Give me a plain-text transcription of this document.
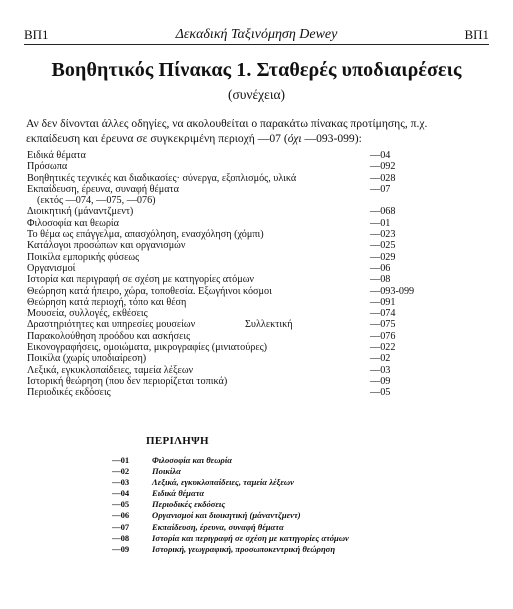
ΒΠ1	Δεκαδική Ταξινόμηση Dewey	ΒΠ1
Βοηθητικός Πίνακας 1. Σταθερές υποδιαιρέσεις
(συνέχεια)
Αν δεν δίνονται άλλες οδηγίες, να ακολουθείται ο παρακάτω πίνακας προτίμησης, π.χ.
εκπαίδευση και έρευνα σε συγκεκριμένη περιοχή —07 (όχι —093-099):
Ειδικά θέματα	—04
Πρόσωπα	—092
Βοηθητικές τεχνικές και διαδικασίες· σύνεργα, εξοπλισμός, υλικά	—028
Εκπαίδευση, έρευνα, συναφή θέματα	—07
(εκτός —074, —075, —076)
Διοικητική (μάναντζμεντ)	—068
Φιλοσοφία και θεωρία	—01
Το θέμα ως επάγγελμα, απασχόληση, ενασχόληση (χόμπι)	—023
Κατάλογοι προσώπων και οργανισμών	—025
Ποικίλα εμπορικής φύσεως	—029
Οργανισμοί	—06
Ιστορία και περιγραφή σε σχέση με κατηγορίες ατόμων	—08
Θεώρηση κατά ήπειρο, χώρα, τοποθεσία. Εξωγήινοι κόσμοι	—093-099
Θεώρηση κατά περιοχή, τόπο και θέση	—091
Μουσεία, συλλογές, εκθέσεις	—074
Δραστηριότητες και υπηρεσίες μουσείων	Συλλεκτική	—075
Παρακολούθηση προόδου και ασκήσεις	—076
Εικονογραφήσεις, ομοιώματα, μικρογραφίες (μινιατούρες)	—022
Ποικίλα (χωρίς υποδιαίρεση)	—02
Λεξικά, εγκυκλοπαίδειες, ταμεία λέξεων	—03
Ιστορική θεώρηση (που δεν περιορίζεται τοπικά)	—09
Περιοδικές εκδόσεις	—05
ΠΕΡΙΛΗΨΗ
—01	Φιλοσοφία και θεωρία
—02	Ποικίλα
—03	Λεξικά, εγκυκλοπαίδειες, ταμεία λέξεων
—04	Ειδικά θέματα
—05	Περιοδικές εκδόσεις
—06	Οργανισμοί και διοικητική (μάναντζμεντ)
—07	Εκπαίδευση, έρευνα, συναφή θέματα
—08	Ιστορία και περιγραφή σε σχέση με κατηγορίες ατόμων
—09	Ιστορική, γεωγραφική, προσωποκεντρική θεώρηση
